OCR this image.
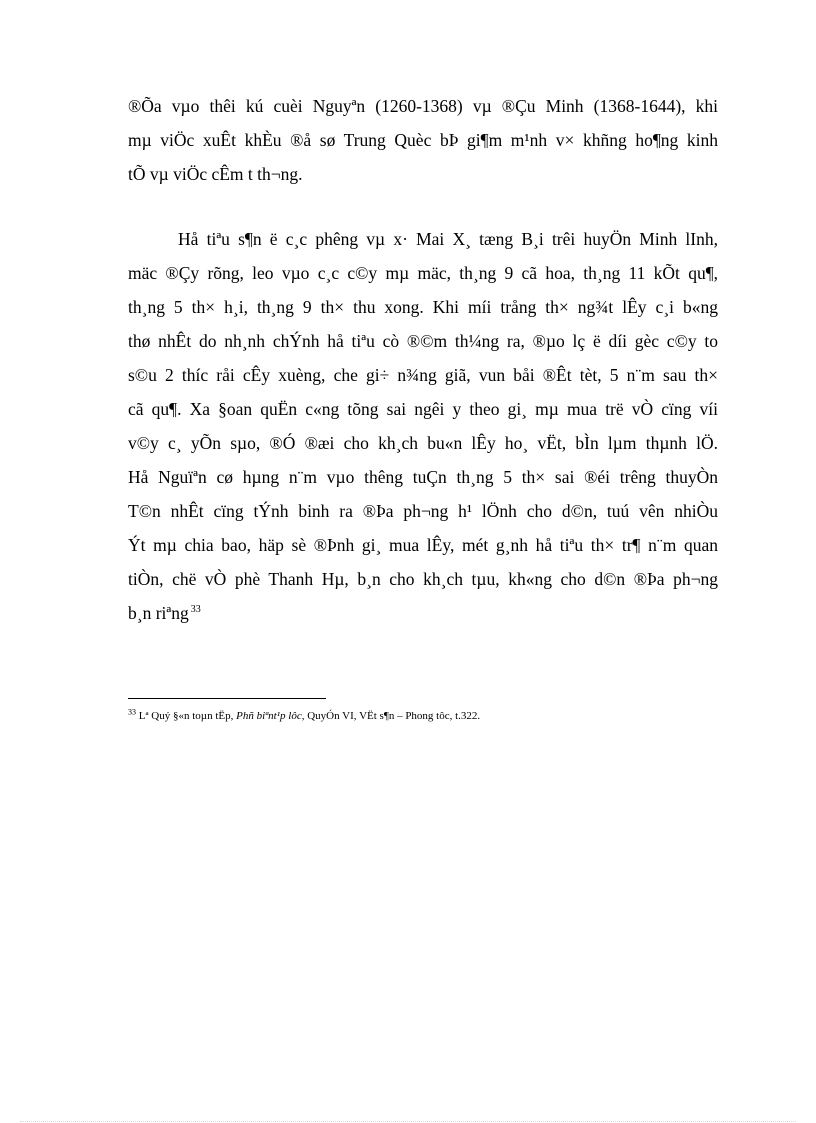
®Õa vµo thêi kú cuèi Nguyªn (1260-1368) vµ ®Çu Minh (1368-1644), khi
mµ viÖc xuÊt khÈu ®å sø Trung Quèc bÞ gi¶m m¹nh v× khñng ho¶ng kinh
tÕ vµ viÖc cÊm t th¬ng.
Hå tiªu s¶n ë c¸c phêng vµ x· Mai X¸ tæng B¸i trêi huyÖn Minh lInh,
mäc ®Çy rõng, leo vµo c¸c c©y mµ mäc, th¸ng 9 cã hoa, th¸ng 11 kÕt qu¶,
th¸ng 5 th× h¸i, th¸ng 9 th× thu xong. Khi míi trång th× ng¾t lÊy c¸i b«ng
thø nhÊt do nh¸nh chÝnh hå tiªu cò ®©m th¼ng ra, ®µo lç ë díi gèc c©y to
s©u 2 thíc råi cÊy xuèng, che gi÷ n¾ng giã, vun båi ®Êt tèt, 5 n¨m sau th×
cã qu¶. Xa §oan quËn c«ng tõng sai ngêi y theo gi¸ mµ mua trë vÒ cïng víi
v©y c¸ yÕn sµo, ®Ó ®æi cho kh¸ch bu«n lÊy ho¸ vËt, bÌn lµm thµnh lÖ.
Hå Nguïªn cø hµng n¨m vµo thêng tuÇn th¸ng 5 th× sai ®éi trêng thuyÒn
T©n nhÊt cïng tÝnh binh ra ®Þa ph¬ng h¹ lÖnh cho d©n, tuú vên nhiÒu
Ýt mµ chia bao, häp sè ®Þnh gi¸ mua lÊy, mét g¸nh hå tiªu th× tr¶ n¨m quan
tiÒn, chë vÒ phè Thanh Hµ, b¸n cho kh¸ch tµu, kh«ng cho d©n ®Þa ph¬ng
b¸n riªng $^{33}$
$^{33}$ Lª Quý §«n toµn tËp, Phñ biªnt¹p lôc, QuyÓn VI, VËt s¶n – Phong tôc, t.322.
